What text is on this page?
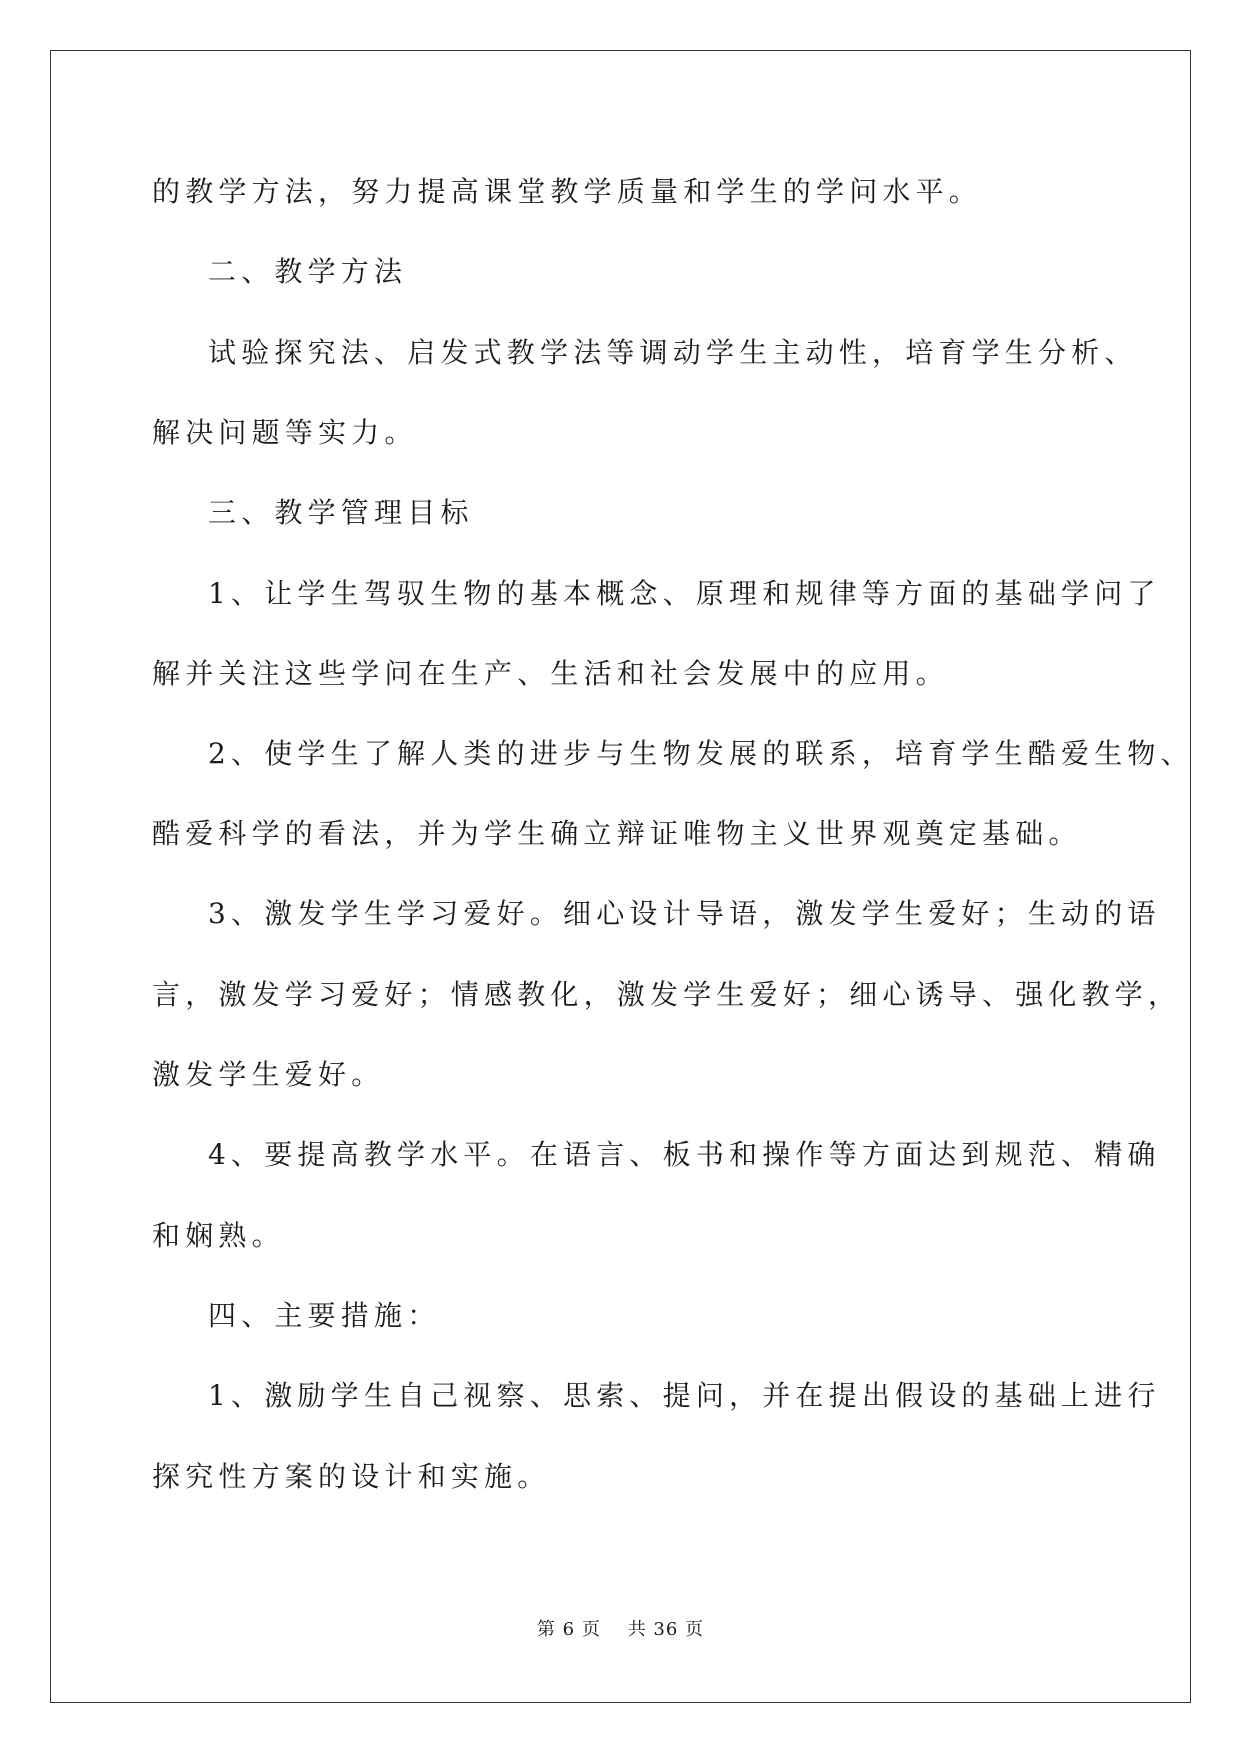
的教学方法，努力提高课堂教学质量和学生的学问水平。
二、教学方法
试验探究法、启发式教学法等调动学生主动性，培育学生分析、
解决问题等实力。
三、教学管理目标
1、让学生驾驭生物的基本概念、原理和规律等方面的基础学问了
解并关注这些学问在生产、生活和社会发展中的应用。
2、使学生了解人类的进步与生物发展的联系，培育学生酷爱生物、
酷爱科学的看法，并为学生确立辩证唯物主义世界观奠定基础。
3、激发学生学习爱好。细心设计导语，激发学生爱好；生动的语
言，激发学习爱好；情感教化，激发学生爱好；细心诱导、强化教学，
激发学生爱好。
4、要提高教学水平。在语言、板书和操作等方面达到规范、精确
和娴熟。
四、主要措施：
1、激励学生自己视察、思索、提问，并在提出假设的基础上进行
探究性方案的设计和实施。
第 6 页    共 36 页
